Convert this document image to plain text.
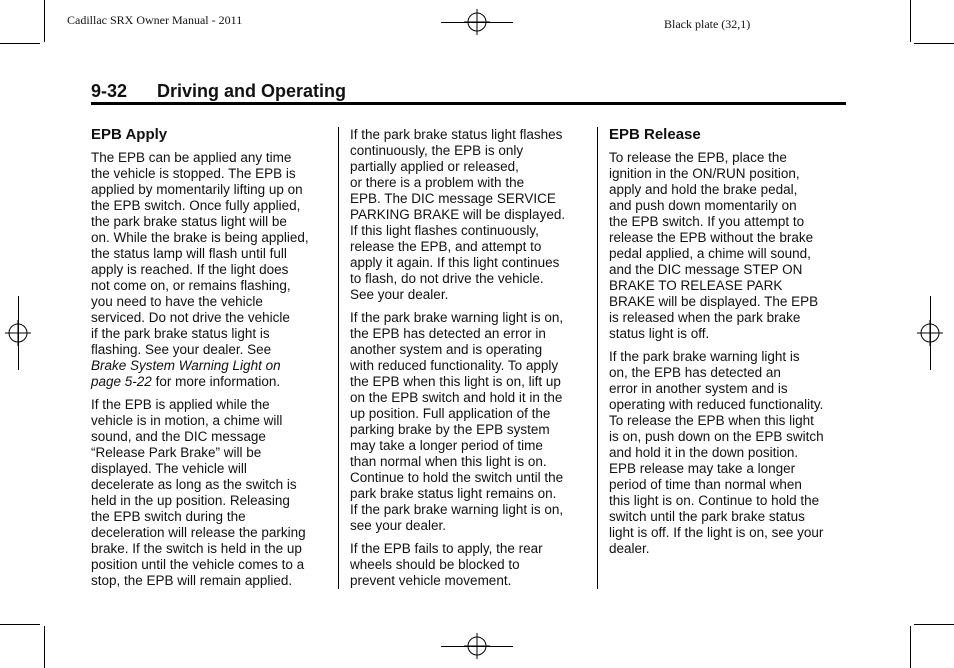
Cadillac SRX Owner Manual - 2011	Black plate (32,1)
9-32 Driving and Operating
EPB Apply

The EPB can be applied any time
the vehicle is stopped. The EPB is
applied by momentarily lifting up on
the EPB switch. Once fully applied,
the park brake status light will be
on. While the brake is being applied,
the status lamp will flash until full
apply is reached. If the light does
not come on, or remains flashing,
you need to have the vehicle
serviced. Do not drive the vehicle
if the park brake status light is
flashing. See your dealer. See
Brake System Warning Light on
page 5-22 for more information.

If the EPB is applied while the
vehicle is in motion, a chime will
sound, and the DIC message
“Release Park Brake” will be
displayed. The vehicle will
decelerate as long as the switch is
held in the up position. Releasing
the EPB switch during the
deceleration will release the parking
brake. If the switch is held in the up
position until the vehicle comes to a
stop, the EPB will remain applied.

If the park brake status light flashes
continuously, the EPB is only
partially applied or released,
or there is a problem with the
EPB. The DIC message SERVICE
PARKING BRAKE will be displayed.
If this light flashes continuously,
release the EPB, and attempt to
apply it again. If this light continues
to flash, do not drive the vehicle.
See your dealer.

If the park brake warning light is on,
the EPB has detected an error in
another system and is operating
with reduced functionality. To apply
the EPB when this light is on, lift up
on the EPB switch and hold it in the
up position. Full application of the
parking brake by the EPB system
may take a longer period of time
than normal when this light is on.
Continue to hold the switch until the
park brake status light remains on.
If the park brake warning light is on,
see your dealer.

If the EPB fails to apply, the rear
wheels should be blocked to
prevent vehicle movement.

EPB Release

To release the EPB, place the
ignition in the ON/RUN position,
apply and hold the brake pedal,
and push down momentarily on
the EPB switch. If you attempt to
release the EPB without the brake
pedal applied, a chime will sound,
and the DIC message STEP ON
BRAKE TO RELEASE PARK
BRAKE will be displayed. The EPB
is released when the park brake
status light is off.

If the park brake warning light is
on, the EPB has detected an
error in another system and is
operating with reduced functionality.
To release the EPB when this light
is on, push down on the EPB switch
and hold it in the down position.
EPB release may take a longer
period of time than normal when
this light is on. Continue to hold the
switch until the park brake status
light is off. If the light is on, see your
dealer.
